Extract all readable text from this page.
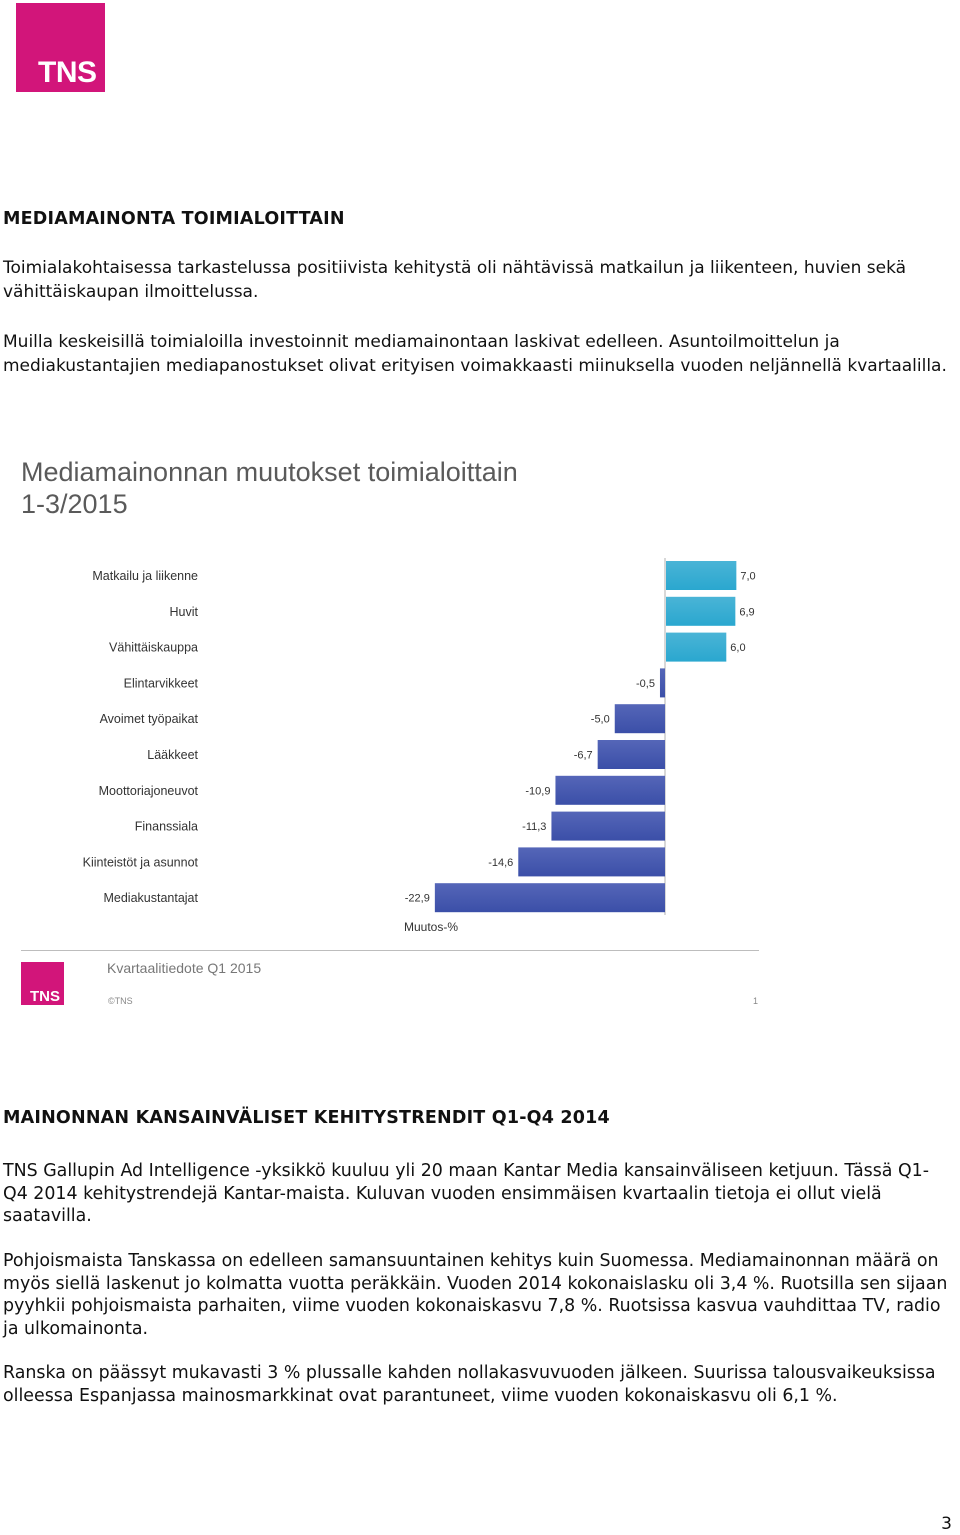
TNS
MEDIAMAINONTA TOIMIALOITTAIN

Toimialakohtaisessa tarkastelussa positiivista kehitystä oli nähtävissä matkailun ja liikenteen, huvien sekä vähittäiskaupan ilmoittelussa.

Muilla keskeisillä toimialoilla investoinnit mediamainontaan laskivat edelleen. Asuntoilmoittelun ja mediakustantajien mediapanostukset olivat erityisen voimakkaasti miinuksella vuoden neljännellä kvartaalilla.

Mediamainonnan muutokset toimialoittain
1-3/2015
Matkailu ja liikenne	7,0
Huvit	6,9
Vähittäiskauppa	6,0
Elintarvikkeet	-0,5
Avoimet työpaikat	-5,0
Lääkkeet	-6,7
Moottoriajoneuvot	-10,9
Finanssiala	-11,3
Kiinteistöt ja asunnot	-14,6
Mediakustantajat	-22,9
Muutos-%
TNS
Kvartaalitiedote Q1 2015
©TNS	1
MAINONNAN KANSAINVÄLISET KEHITYSTRENDIT Q1-Q4 2014

TNS Gallupin Ad Intelligence -yksikkö kuuluu yli 20 maan Kantar Media kansainväliseen ketjuun. Tässä Q1-Q4 2014 kehitystrendejä Kantar-maista. Kuluvan vuoden ensimmäisen kvartaalin tietoja ei ollut vielä saatavilla.

Pohjoismaista Tanskassa on edelleen samansuuntainen kehitys kuin Suomessa. Mediamainonnan määrä on myös siellä laskenut jo kolmatta vuotta peräkkäin. Vuoden 2014 kokonaislasku oli 3,4 %. Ruotsilla sen sijaan pyyhkii pohjoismaista parhaiten, viime vuoden kokonaiskasvu 7,8 %. Ruotsissa kasvua vauhdittaa TV, radio ja ulkomainonta.

Ranska on päässyt mukavasti 3 % plussalle kahden nollakasvuvuoden jälkeen. Suurissa talousvaikeuksissa olleessa Espanjassa mainosmarkkinat ovat parantuneet, viime vuoden kokonaiskasvu oli 6,1 %.

3
